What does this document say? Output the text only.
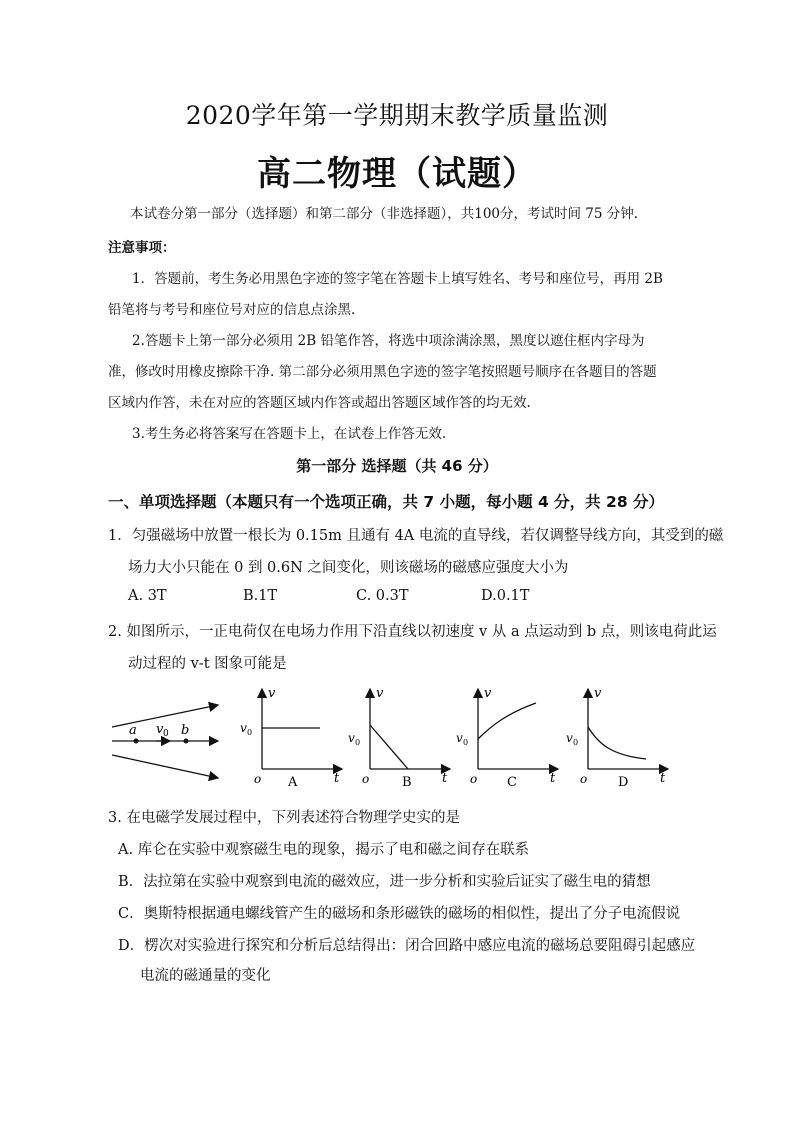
2020学年第一学期期末教学质量监测
高二物理（试题）
本试卷分第一部分（选择题）和第二部分（非选择题），共100分，考试时间 75 分钟.
注意事项：
1．答题前，考生务必用黑色字迹的签字笔在答题卡上填写姓名、考号和座位号，再用 2B
铅笔将与考号和座位号对应的信息点涂黑.
2.答题卡上第一部分必须用 2B 铅笔作答，将选中项涂满涂黑，黑度以遮住框内字母为
准，修改时用橡皮擦除干净. 第二部分必须用黑色字迹的签字笔按照题号顺序在各题目的答题
区域内作答，未在对应的答题区域内作答或超出答题区域作答的均无效.
3.考生务必将答案写在答题卡上，在试卷上作答无效.
第一部分 选择题（共 46 分）
一、单项选择题（本题只有一个选项正确，共 7 小题，每小题 4 分，共 28 分）
1．匀强磁场中放置一根长为 0.15m 且通有 4A 电流的直导线，若仅调整导线方向，其受到的磁
场力大小只能在 0 到 0.6N 之间变化，则该磁场的磁感应强度大小为
A. 3T	B.1T	C. 0.3T	D.0.1T
2. 如图所示，一正电荷仅在电场力作用下沿直线以初速度 v 从 a 点运动到 b 点，则该电荷此运
动过程的 v-t 图象可能是
a v 0 b
v
t
o
v 0
A
v
t
o
v 0
B
v
t
o
v 0
C
v
t
o
v 0
D
3. 在电磁学发展过程中，下列表述符合物理学史实的是
A. 库仑在实验中观察磁生电的现象，揭示了电和磁之间存在联系
B．法拉第在实验中观察到电流的磁效应，进一步分析和实验后证实了磁生电的猜想
C．奥斯特根据通电螺线管产生的磁场和条形磁铁的磁场的相似性，提出了分子电流假说
D．楞次对实验进行探究和分析后总结得出：闭合回路中感应电流的磁场总要阻碍引起感应
电流的磁通量的变化
